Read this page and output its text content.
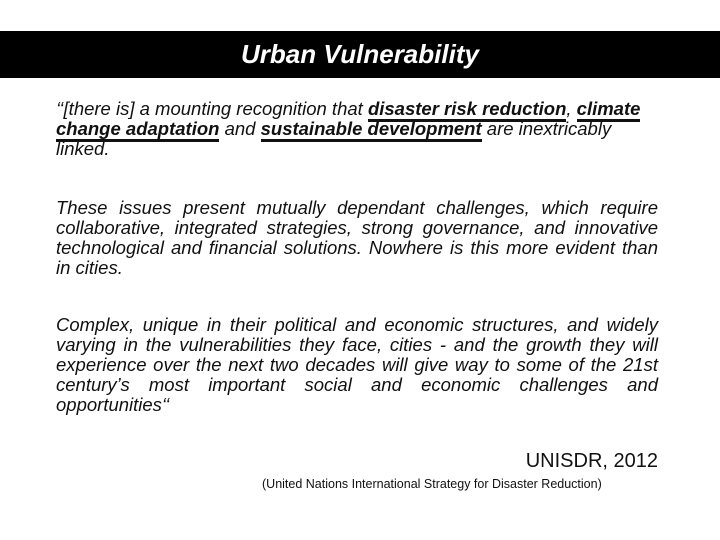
Urban Vulnerability

‘‘[there is] a mounting recognition that disaster risk reduction, climate change adaptation and sustainable development are inextricably linked.

These issues present mutually dependant challenges, which require collaborative, integrated strategies, strong governance, and innovative technological and financial solutions. Nowhere is this more evident than in cities.

Complex, unique in their political and economic structures, and widely varying in the vulnerabilities they face, cities - and the growth they will experience over the next two decades will give way to some of the 21st century’s most important social and economic challenges and opportunities‘‘

UNISDR, 2012
(United Nations International Strategy for Disaster Reduction)
